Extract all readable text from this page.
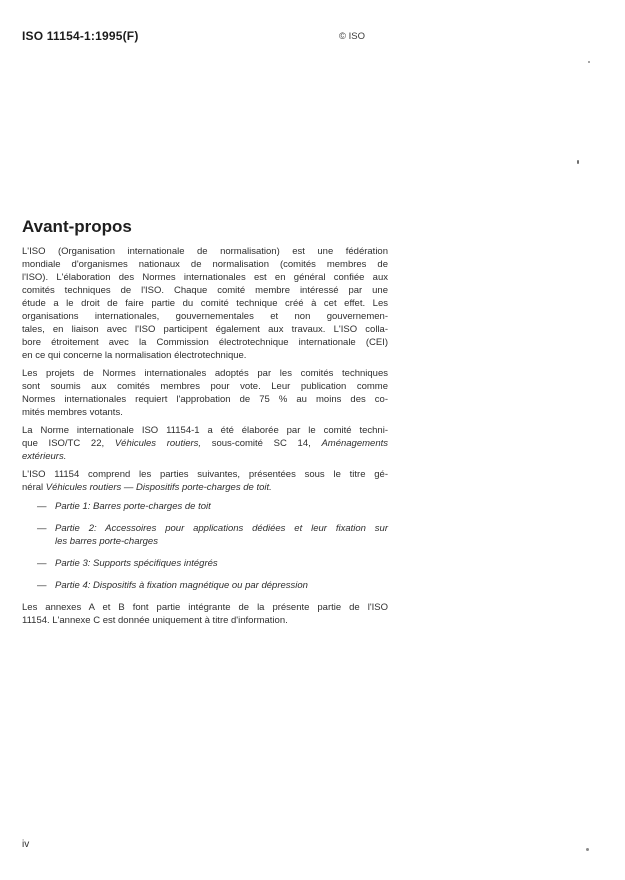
ISO 11154-1:1995(F)	© ISO
Avant-propos
L'ISO (Organisation internationale de normalisation) est une fédération
mondiale d'organismes nationaux de normalisation (comités membres de
l'ISO). L'élaboration des Normes internationales est en général confiée aux
comités techniques de l'ISO. Chaque comité membre intéressé par une
étude a le droit de faire partie du comité technique créé à cet effet. Les
organisations internationales, gouvernementales et non gouvernemen-
tales, en liaison avec l'ISO participent également aux travaux. L'ISO colla-
bore étroitement avec la Commission électrotechnique internationale (CEI)
en ce qui concerne la normalisation électrotechnique.
Les projets de Normes internationales adoptés par les comités techniques
sont soumis aux comités membres pour vote. Leur publication comme
Normes internationales requiert l'approbation de 75 % au moins des co-
mités membres votants.
La Norme internationale ISO 11154-1 a été élaborée par le comité techni-
que ISO/TC 22, Véhicules routiers, sous-comité SC 14, Aménagements
extérieurs.
L'ISO 11154 comprend les parties suivantes, présentées sous le titre gé-
néral Véhicules routiers — Dispositifs porte-charges de toit.
— Partie 1: Barres porte-charges de toit
— Partie 2: Accessoires pour applications dédiées et leur fixation sur
les barres porte-charges
— Partie 3: Supports spécifiques intégrés
— Partie 4: Dispositifs à fixation magnétique ou par dépression
Les annexes A et B font partie intégrante de la présente partie de l'ISO
11154. L'annexe C est donnée uniquement à titre d'information.
iv
